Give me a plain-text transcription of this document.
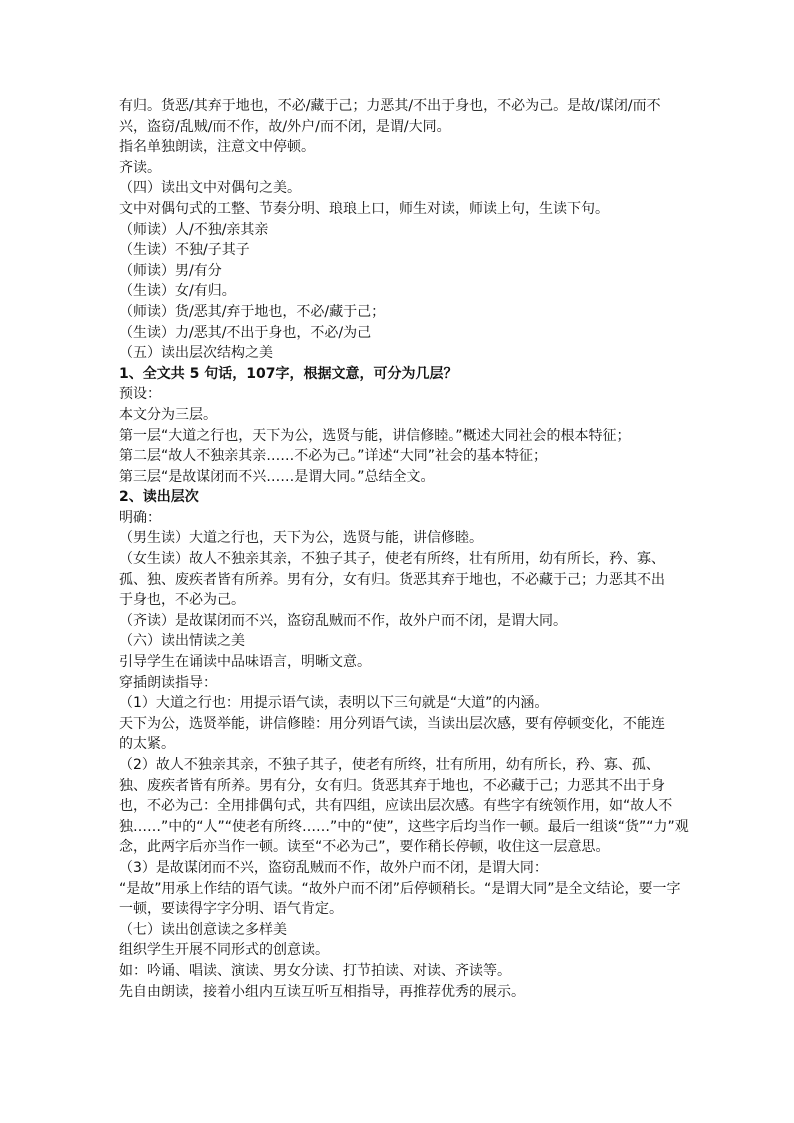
有归。货恶/其弃于地也，不必/藏于己；力恶其/不出于身也，不必为己。是故/谋闭/而不
兴，盗窃/乱贼/而不作，故/外户/而不闭，是谓/大同。
指名单独朗读，注意文中停顿。
齐读。
（四）读出文中对偶句之美。
文中对偶句式的工整、节奏分明、琅琅上口，师生对读，师读上句，生读下句。
（师读）人/不独/亲其亲
（生读）不独/子其子
（师读）男/有分
（生读）女/有归。
（师读）货/恶其/弃于地也，不必/藏于己；
（生读）力/恶其/不出于身也，不必/为己
（五）读出层次结构之美
1、全文共 5 句话，107字，根据文意，可分为几层？
预设：
本文分为三层。
第一层“大道之行也，天下为公，选贤与能，讲信修睦。”概述大同社会的根本特征；
第二层“故人不独亲其亲……不必为己。”详述“大同”社会的基本特征；
第三层“是故谋闭而不兴……是谓大同。”总结全文。
2、读出层次
明确：
（男生读）大道之行也，天下为公，选贤与能，讲信修睦。
（女生读）故人不独亲其亲，不独子其子，使老有所终，壮有所用，幼有所长，矜、寡、
孤、独、废疾者皆有所养。男有分，女有归。货恶其弃于地也，不必藏于己；力恶其不出
于身也，不必为己。
（齐读）是故谋闭而不兴，盗窃乱贼而不作，故外户而不闭，是谓大同。
（六）读出情读之美
引导学生在诵读中品味语言，明晰文意。
穿插朗读指导：
（1）大道之行也：用提示语气读，表明以下三句就是“大道”的内涵。
天下为公，选贤举能，讲信修睦：用分列语气读，当读出层次感，要有停顿变化，不能连
的太紧。
（2）故人不独亲其亲，不独子其子，使老有所终，壮有所用，幼有所长，矜、寡、孤、
独、废疾者皆有所养。男有分，女有归。货恶其弃于地也，不必藏于己；力恶其不出于身
也，不必为己：全用排偶句式，共有四组，应读出层次感。有些字有统领作用，如“故人不
独……”中的“人”“使老有所终……”中的“使”，这些字后均当作一顿。最后一组谈“货”“力”观
念，此两字后亦当作一顿。读至“不必为己”，要作稍长停顿，收住这一层意思。
（3）是故谋闭而不兴，盗窃乱贼而不作，故外户而不闭，是谓大同：
“是故”用承上作结的语气读。“故外户而不闭”后停顿稍长。“是谓大同”是全文结论，要一字
一顿，要读得字字分明、语气肯定。
（七）读出创意读之多样美
组织学生开展不同形式的创意读。
如：吟诵、唱读、演读、男女分读、打节拍读、对读、齐读等。
先自由朗读，接着小组内互读互听互相指导，再推荐优秀的展示。
